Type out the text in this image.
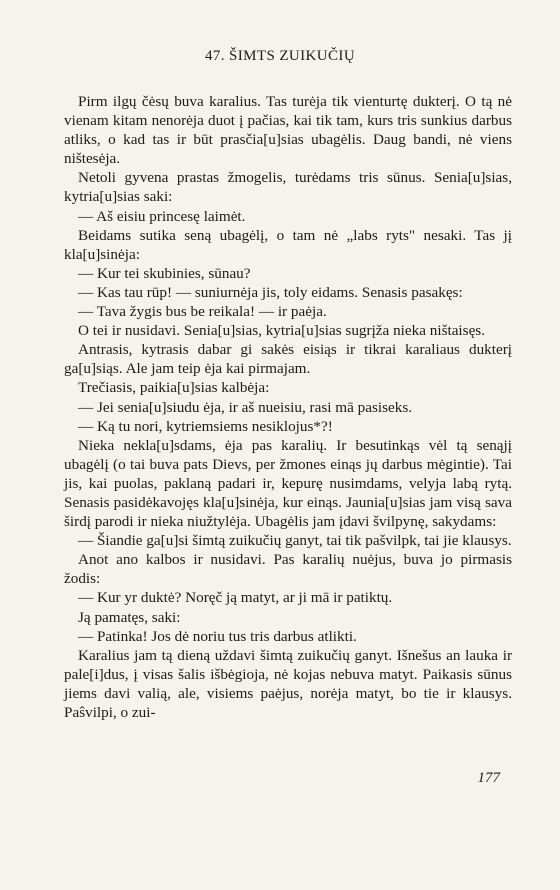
47. ŠIMTS ZUIKUČIŲ

Pirm ilgų čėsų buva karalius. Tas turėja tik vienturtę dukterį. O tą nė vienam kitam nenorėja duot į pačias, kai tik tam, kurs tris sunkius darbus atliks, o kad tas ir būt prasčia[u]sias ubagėlis. Daug bandi, nė viens ništesėja.

Netoli gyvena prastas žmogelis, turėdams tris sūnus. Senia[u]sias, kytria[u]sias saki:

— Aš eisiu princesę laimėt.

Beidams sutika seną ubagėlį, o tam nė „labs ryts" nesaki. Tas jį kla[u]sinėja:

— Kur tei skubinies, sūnau?

— Kas tau rūp! — suniurnėja jis, toly eidams. Senasis pasakęs:

— Tava žygis bus be reikala! — ir paėja.

O tei ir nusidavi. Senia[u]sias, kytria[u]sias sugrįža nieka ništaisęs.

Antrasis, kytrasis dabar gi sakės eisiąs ir tikrai karaliaus dukterį ga[u]siąs. Ale jam teip ėja kai pirmajam.

Trečiasis, paikia[u]sias kalbėja:

— Jei senia[u]siudu ėja, ir aš nueisiu, rasi mā pasiseks.

— Ką tu nori, kytriemsiems nesiklojus*?!

Nieka nekla[u]sdams, ėja pas karalių. Ir besutinkąs vėl tą senąjį ubagėlį (o tai buva pats Dievs, per žmones einąs jų darbus mėgintie). Tai jis, kai puolas, paklaną padari ir, kepurę nusimdams, velyja labą rytą. Senasis pasidėkavojęs kla[u]sinėja, kur einąs. Jaunia[u]sias jam visą sava širdį parodi ir nieka niužtylėja. Ubagėlis jam įdavi švilpynę, sakydams:

— Šiandie ga[u]si šimtą zuikučių ganyt, tai tik pašvilpk, tai jie klausys.

Anot ano kalbos ir nusidavi. Pas karalių nuėjus, buva jo pirmasis žodis:

— Kur yr duktė? Noręč ją matyt, ar ji mā ir patiktų.

Ją pamatęs, saki:

— Patinka! Jos dė noriu tus tris darbus atlikti.

Karalius jam tą dieną uždavi šimtą zuikučių ganyt. Išnešus an lauka ir pale[i]dus, į visas šalis išbėgioja, nė kojas nebuva matyt. Paikasis sūnus jiems davi valią, ale, visiems paėjus, norėja matyt, bo tie ir klausys. Paŝvilpi, o zui-

177
